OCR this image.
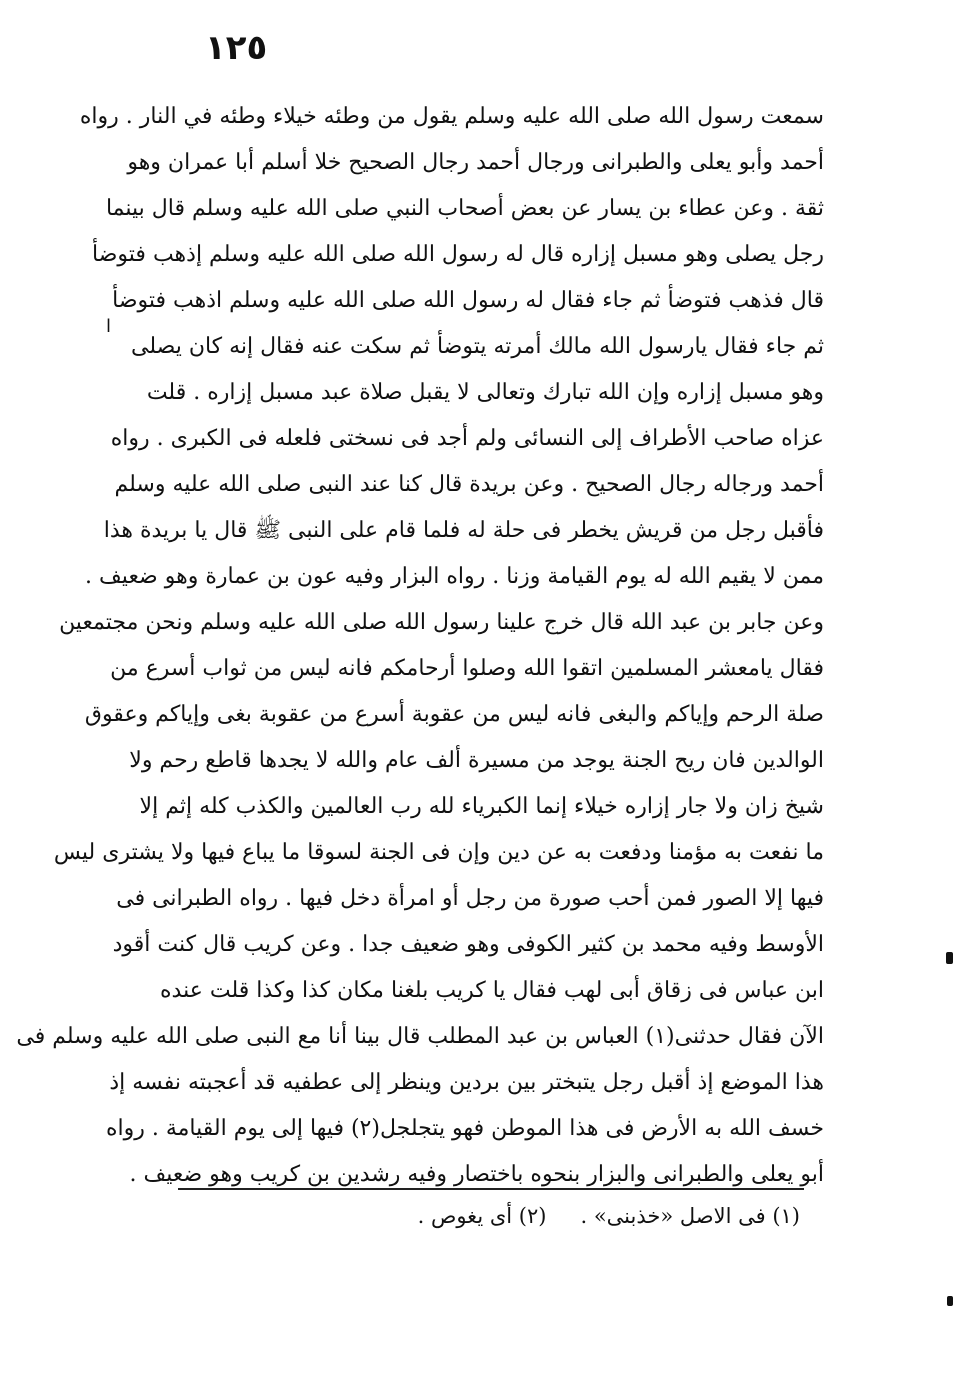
١٢٥
ا
سمعت رسول الله صلى الله عليه وسلم يقول من وطئه خيلاء وطئه في النار . رواه
أحمد وأبو يعلى والطبرانى ورجال أحمد رجال الصحيح خلا أسلم أبا عمران وهو
ثقة . وعن عطاء بن يسار عن بعض أصحاب النبي صلى الله عليه وسلم قال بينما
رجل يصلى وهو مسبل إزاره قال له رسول الله صلى الله عليه وسلم إذهب فتوضأ
قال فذهب فتوضأ ثم جاء فقال له رسول الله صلى الله عليه وسلم اذهب فتوضأ
ثم جاء فقال يارسول الله مالك أمرته يتوضأ ثم سكت عنه فقال إنه كان يصلى
وهو مسبل إزاره وإن الله تبارك وتعالى لا يقبل صلاة عبد مسبل إزاره . قلت
عزاه صاحب الأطراف إلى النسائى ولم أجد فى نسختى فلعله فى الكبرى . رواه
أحمد ورجاله رجال الصحيح . وعن بريدة قال كنا عند النبى صلى الله عليه وسلم
فأقبل رجل من قريش يخطر فى حلة له فلما قام على النبى ﷺ قال يا بريدة هذا
ممن لا يقيم الله له يوم القيامة وزنا . رواه البزار وفيه عون بن عمارة وهو ضعيف .
وعن جابر بن عبد الله قال خرج علينا رسول الله صلى الله عليه وسلم ونحن مجتمعين
فقال يامعشر المسلمين اتقوا الله وصلوا أرحامكم فانه ليس من ثواب أسرع من
صلة الرحم وإياكم والبغى فانه ليس من عقوبة أسرع من عقوبة بغى وإياكم وعقوق
الوالدين فان ريح الجنة يوجد من مسيرة ألف عام والله لا يجدها قاطع رحم ولا
شيخ زان ولا جار إزاره خيلاء إنما الكبرياء لله رب العالمين والكذب كله إثم إلا
ما نفعت به مؤمنا ودفعت به عن دين وإن فى الجنة لسوقا ما يباع فيها ولا يشترى ليس
فيها إلا الصور فمن أحب صورة من رجل أو امرأة دخل فيها . رواه الطبرانى فى
الأوسط وفيه محمد بن كثير الكوفى وهو ضعيف جدا . وعن كريب قال كنت أقود
ابن عباس فى زقاق أبى لهب فقال يا كريب بلغنا مكان كذا وكذا قلت عنده
الآن فقال حدثنى(١) العباس بن عبد المطلب قال بينا أنا مع النبى صلى الله عليه وسلم فى
هذا الموضع إذ أقبل رجل يتبختر بين بردين وينظر إلى عطفيه قد أعجبته نفسه إذ
خسف الله به الأرض فى هذا الموطن فهو يتجلجل(٢) فيها إلى يوم القيامة . رواه
أبو يعلى والطبرانى والبزار بنحوه باختصار وفيه رشدين بن كريب وهو ضعيف .
(١) فى الاصل «خذبنى» .(٢) أى يغوص .
